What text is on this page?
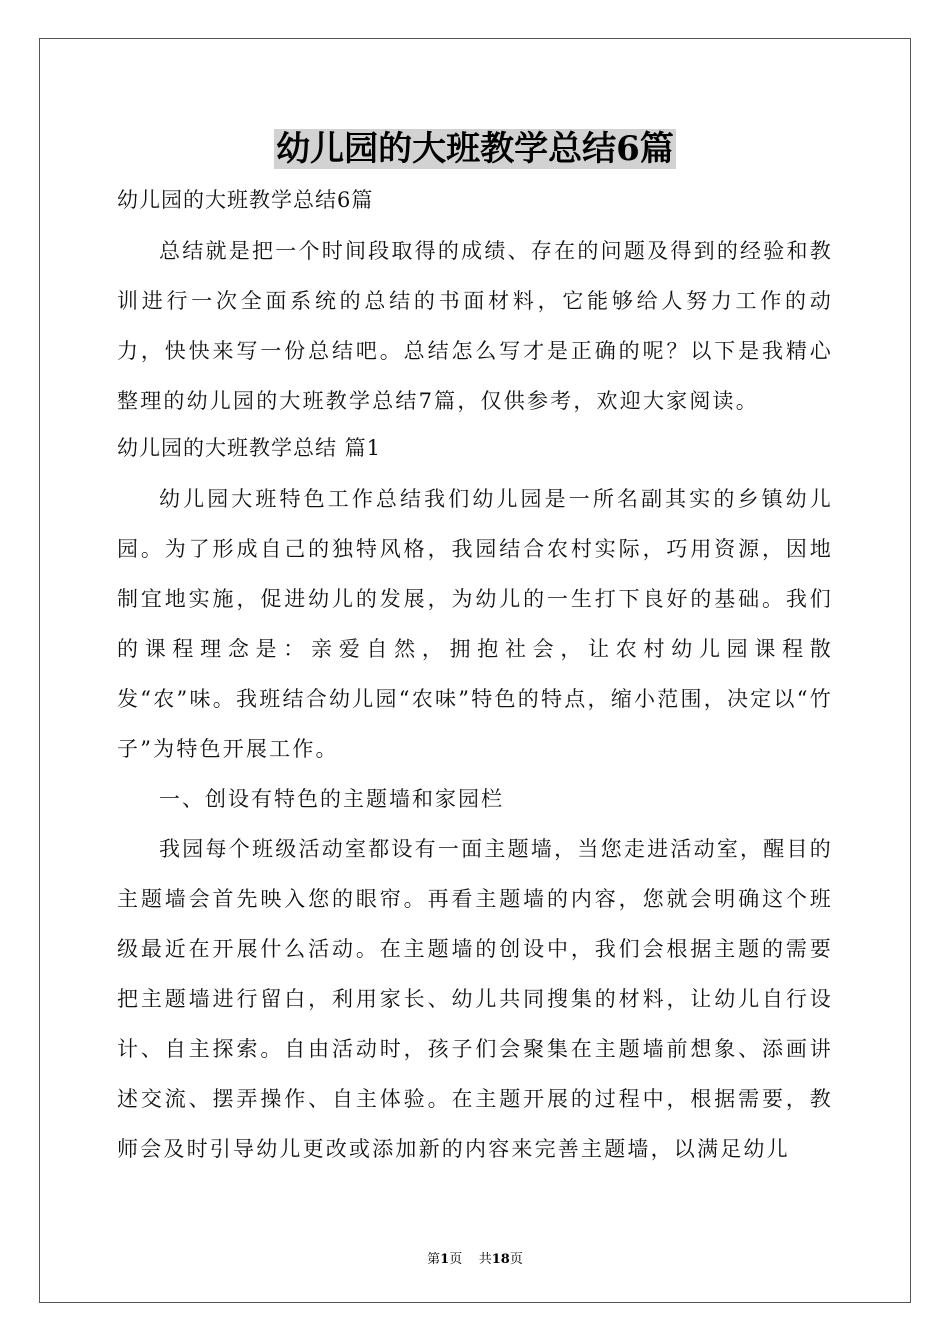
幼儿园的大班教学总结6篇

幼儿园的大班教学总结6篇

总结就是把一个时间段取得的成绩、存在的问题及得到的经验和教训进行一次全面系统的总结的书面材料，它能够给人努力工作的动力，快快来写一份总结吧。总结怎么写才是正确的呢？以下是我精心整理的幼儿园的大班教学总结7篇，仅供参考，欢迎大家阅读。

幼儿园的大班教学总结 篇1

幼儿园大班特色工作总结我们幼儿园是一所名副其实的乡镇幼儿园。为了形成自己的独特风格，我园结合农村实际，巧用资源，因地制宜地实施，促进幼儿的发展，为幼儿的一生打下良好的基础。我们的课程理念是：亲爱自然，拥抱社会，让农村幼儿园课程散发“农”味。我班结合幼儿园“农味”特色的特点，缩小范围，决定以“竹子”为特色开展工作。

一、创设有特色的主题墙和家园栏

我园每个班级活动室都设有一面主题墙，当您走进活动室，醒目的主题墙会首先映入您的眼帘。再看主题墙的内容，您就会明确这个班级最近在开展什么活动。在主题墙的创设中，我们会根据主题的需要把主题墙进行留白，利用家长、幼儿共同搜集的材料，让幼儿自行设计、自主探索。自由活动时，孩子们会聚集在主题墙前想象、添画讲述交流、摆弄操作、自主体验。在主题开展的过程中，根据需要，教师会及时引导幼儿更改或添加新的内容来完善主题墙，以满足幼儿

第1页 共18页
